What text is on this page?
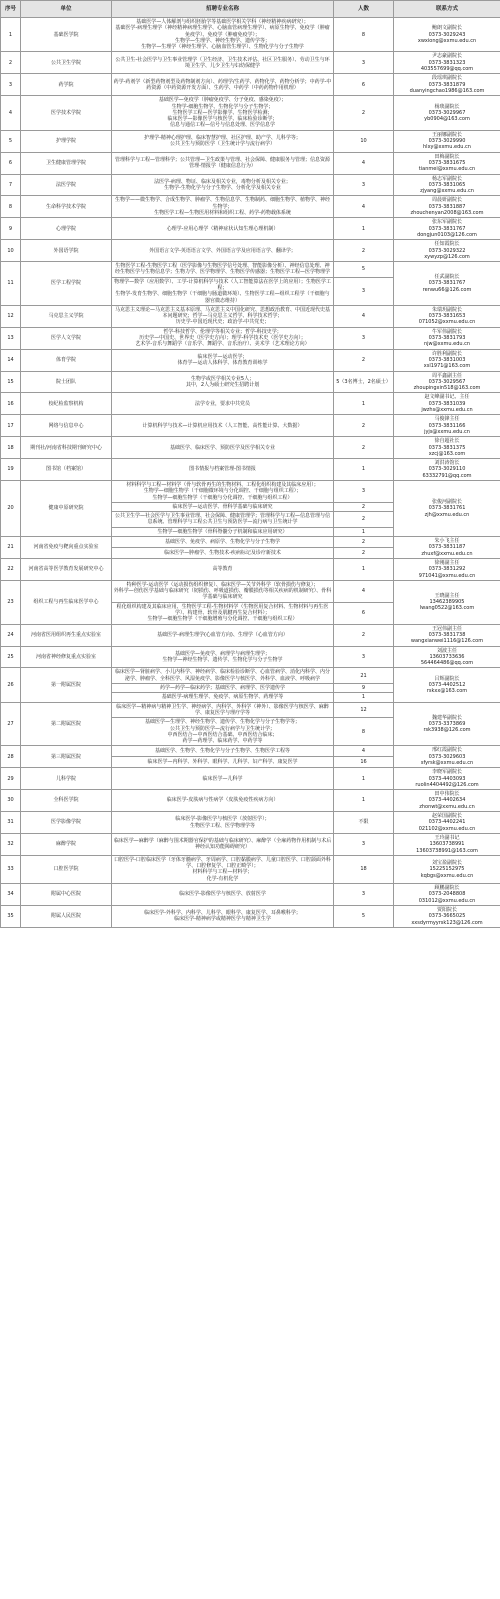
序号	单位	招聘专业名称	人数	联系方式
1	基础医学院	基础医学—人体解剖与组织胚胎学等基础医学相关学科（神经精神疾病研究）；
基础医学-病理生理学（神经精神病理生理学、心脑血管病理生理学）、病原生物学、免疫学（肿瘤免疫学）、免疫学（肿瘤免疫学）；
生物学—生理学、神经生物学、遗传学等；
生物学—生理学（神经生理学、心脑血管生理学）、生物化学与分子生物学	8	鲍朗文副院长
0373-3029243
xwxiong@xxmu.edu.cn
2	公共卫生学院	公共卫生-社会医学与卫生事业管理学（卫生经济、卫生技术评估、社区卫生服务）、劳动卫生与环境卫生学、儿少卫生与妇幼保健学	3	尹志豪副院长
0373-3831323
403557699@qq.com
3	药学院	药学-药剂学（新型药物剂型及药物制剂方向）、药理学/生药学、药物化学、药物分析学；中药学-中药资源（中药资源开发方面）、生药学、中药学（中药药物作用机理）	6	段瑶琪副院长
0373-3831879
duanyingchao1986@163.com
4	医学技术学院	基础医学—免疫学（肿瘤免疫学、分子免疫、感染免疫）；
生物学-细胞生物学、生物化学与分子生物学；
生物医学工程—医学影像学、生物医学检测；
临床医学—影像医学与核医学、临床检验诊断学；
信息与通信工程—信号与信息处理、医学信息学	2	杨琰副院长
0373-3029967
yb0904@163.com
5	护理学院	护理学-精神心理护理、临床智慧护理、社区护理、助产学、儿科学等；
公共卫生与预防医学（卫生统计学与流行病学）	10	王丽娜副院长
0373-3029990
hlxy@xxmu.edu.cn
6	卫生健康管理学院	管理科学与工程—管理科学；公共管理—卫生政策与管理、社会保障、健康服务与管理；信息资源管理-情报学（健康信息行为）	4	田梅副院长
0373-3831675
tianmei@xxmu.edu.cn
7	法医学院	法医学-病理、物证、临床及相关专业，毒物分析及相关专业；
生物学-生物化学与分子生物学、分析化学及相关专业	3	杨志军副院长
0373-3831065
zjyang@xxmu.edu.cn
8	生命科学技术学院	生物学——微生物学、合成生物学、肿瘤学、生物信息学、生物制药、细胞生物学、植物学、神经生物学；
生物医学工程—生物医用材料和组织工程、药学-药物载体系统	4	周晨妍副院长
0373-3831887
zhouchenyan2008@163.com
9	心理学院	心理学-应用心理学（精神症状认知生理心理机制）	1	张东军副院长
0373-3831767
dongjun0103@126.com
10	外国语学院	外国语言文学-英语语言文学、外国语言学及应用语言学、翻译学；	2	任知霞院长
0373-3029322
xywyzp@126.com
11	医学工程学院	生物医学工程-生物医学工程（医学影像与生物医学信号处理、智能影像分析）、神经信息处理、神经生物医学与生物信息学；生物力学、医学物理学、生物医学传感器；生物医学工程—医学物理学	5	任武副院长
0373-3831767
renwu66@126.com
		物理学—数学（应用数学）、工学-计算机科学与技术（人工智能算法在医学上的应用）；生物医学工程；
生物学-发育生物学、细胞生物学（干细胞与肠道微环境）、生物医学工程—组织工程学（干细胞与器官微态维持）	3	
12	马克思主义学院	马克思主义理论—马克思主义基本原理、马克思主义中国化研究、思想政治教育、中国近现代史基本问题研究；哲学—马克思主义哲学、科学技术哲学；
历史学-中国近现代史；政治学-中共党史；	4	朱瑞玥副院长
0373-3831653
071052@xxmu.edu.cn
13	医学人文学院	哲学-科技哲学、伦理学等相关专业；哲学-科技史学；
历史学—中国史、世界史（医学史方向）；理学-科学技术史（医学史方向）；
艺术学-音乐与舞蹈学（音乐学、舞蹈学、音乐治疗）、美术学（艺术理论方向）	3	牛军伟副院长
0373-3831793
njw@xxmu.edu.cn
14	体育学院	临床医学—运动医学；
体育学—运动人体科学、体育教育训练学	2	许胜利副院长
0373-3831003
xsl1971@163.com
15	院士团队	生物学或医学相关专业5人；
其中，2人为硕士研究生招聘计划	5（3名博士，2名硕士）	周平鑫副主任
0373-3029567
zhoupingxin518@163.com
16	校纪检监察机构	法学专业，要求中共党员	1	赵文峰副书记、主任
0373-3831039
jwzhs@xxmu.edu.cn
17	网络与信息中心	计算机科学与技术—计算机应用技术（人工智能、高性能计算、大数据）	2	马俊锋主任
0373-3831166
jyjs@xxmu.edu.cn
18	期刊社/河南省科技期刊研究中心	基础医学、临床医学、预防医学及医学相关专业	2	徐自超社长
0373-3831375
xzcj@163.com
19	图书馆（档案馆）	图书情报与档案管理-图书情报	1	刘洪涛馆长
0373-3029110
63332791@qq.com
20	健康中原研究院	材料科学与工程—材料学（骨与软骨再生的生物材料、工程化组织构建及其临床应用）；
生物学—细胞生物学（干细胞微环境与分化调控、干细胞与组织工程）；
生物学—细胞生物学（干细胞与分化调控、干细胞与组织工程）	3	张俊河副院长
0373-3831761
zjh@xxmu.edu.cn
		临床医学—运动医学、骨科学基础与临床研究	2	
		公共卫生学—社会医学与卫生事业管理、社会保障、健康管理学；管理科学与工程—信息管理与信息系统、管理科学与工程公共卫生与预防医学—流行病与卫生统计学	2	
		生物学—细胞生物学（骨科脊髓分子机制和临床应用研究）	1	
21	河南省免疫与靶向重点实验室	基础医学、免疫学、病原学、生物化学与分子生物学	2	朱小飞主任
0373-3831187
zhuxf@xxmu.edu.cn
		临床医学—肿瘤学、生物技术-疾病标记及诊疗新技术	2	
22	河南省高等医学教育发展研究中心	高等教育	1	徐刚副主任
0373-3831292
971041@xxmu.edu.cn
23	组织工程与再生临床医学中心	特种医学-运动医学（运动损伤组织修复）、临床医学—关节外科学（软骨损伤与修复）；
外科学—创伤医学基础与临床研究（韧损伤、呼吸道损伤、瓣膜损伤等相关疾病的机制研究）、骨科学基础与临床研究	4	王晓副主任
13462389905
lwang0522@163.com
		程化组织构建及其临床应用、生物医学工程-生物材料学（生物医用复合材料、生物材料与再生医学）、构建骨、软骨及肌腱再生复合材料）；
生物学—细胞生物学（干细胞增殖与分化调控、干细胞与组织工程）	6	
24	河南省医用组织再生重点实验室	基础医学-病理生理学(心血管方向)、生理学（心血管方向）	2	王冠伟副主任
0373-3831738
wangxianwei1116@126.com
25	河南省神经修复重点实验室	基础医学—免疫学、病理学与病理生理学；
生物学—神经生物学、遗传学、生物化学与分子生物学	3	刘波主任
13603733636
564464486@qq.com
26	第一附属医院	临床医学—肾脏病学、小儿内科学、神经病学、临床检验诊断学、心血管病学、消化内科学、内分泌学、肿瘤学、全科医学、风湿免疫学、影像医学与核医学、外科学、血液学、呼吸病学	21	吕辉副院长
0373-4402512
rskxx@163.com
		药学—药学—临床药学；基础医学、病理学、医学遗传学	9	
		基础医学-病理生理学、免疫学、病原生物学、药理学等	1	
27	第二附属医院	临床医学—精神病与精神卫生学、神经病学、内科学、外科学（神外）、影像医学与核医学、麻醉学、康复医学与理疗学等	12	魏建华副院长
0373-3373869
rsk3938@126.com
		基础医学—生理学、神经生物学、遗传学、生物化学与分子生物学等；
公共卫生与预防医学—流行病学与卫生统计学；
中西医结合—中西医结合基础、中西医结合临床；
药学—药理学、临床药学、中药学等	8	
28	第三附属医院	基础医学、生物学、生物化学与分子生物学、生物医学工程等	4	邢红霞副院长
0373-3029603
sfyrsk@xxmu.edu.cn
		临床医学—内科学、外科学、眼科学、儿科学、妇产科学、康复医学	16	
29	儿科学院	临床医学—儿科学	1	李晓军副院长
0373-4403093
ruolin4404492@126.com
30	全科医学院	临床医学-皮肤病与性病学（皮肤免疫性疾病方向）	1	田中伟院长
0373-4402634
zhonwt@xxmu.edu.cn
31	医学影像学院	临床医学-影像医学与核医学（放射医学）；
生物医学工程、医学物理学等	不限	赵荣国副院长
0373-4402241
021102@xxmu.edu.cn
32	麻醉学院	临床医学—麻醉学（麻醉与围术期器官保护的基础与临床研究）、麻醉学（全麻药物作用机制与术后神经认知功能障碍研究）	3	王玲副书记
13603738991
13603738991@163.com
33	口腔医学院	口腔医学-口腔临床医学（牙体牙髓病学、牙周病学、口腔黏膜病学、儿童口腔医学、口腔颌面外科学、口腔修复学、口腔正畸学）；
材料科学与工程—材料学；
化学-有机化学	18	刘宝盈副院长
15225152975
kqbgs@xxmu.edu.cn
34	附属中心医院	临床医学-影像医学与核医学、放射医学	3	顾鹏副院长
0373-2048808
031012@xxmu.edu.cn
35	附属人民医院	临床医学-外科学、内科学、儿科学、眼科学、康复医学、耳鼻喉科学；
临床医学-精神病学或精神医学与精神卫生学	5	贾阳院长
0373-3665025
xxsdyrmyyrsk123@126.com
